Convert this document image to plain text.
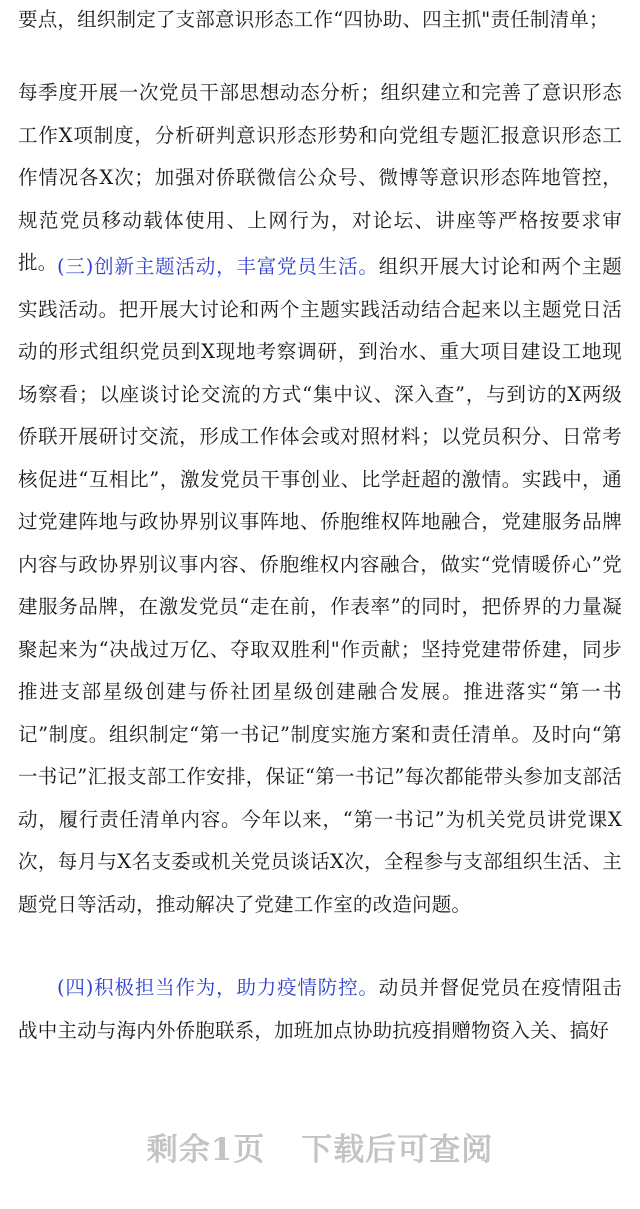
要点，组织制定了支部意识形态工作“四协助、四主抓"责任制清单；

每季度开展一次党员干部思想动态分析；组织建立和完善了意识形态工作X项制度，分析研判意识形态形势和向党组专题汇报意识形态工作情况各X次；加强对侨联微信公众号、微博等意识形态阵地管控，规范党员移动载体使用、上网行为，对论坛、讲座等严格按要求审批。 (三)创新主题活动，丰富党员生活。组织开展大讨论和两个主题实践活动。把开展大讨论和两个主题实践活动结合起来以主题党日活动的形式组织党员到X现地考察调研，到治水、重大项目建设工地现场察看；以座谈讨论交流的方式“集中议、深入查”，与到访的X两级侨联开展研讨交流，形成工作体会或对照材料；以党员积分、日常考核促进“互相比”，激发党员干事创业、比学赶超的激情。实践中，通过党建阵地与政协界别议事阵地、侨胞维权阵地融合，党建服务品牌内容与政协界别议事内容、侨胞维权内容融合，做实“党情暖侨心”党建服务品牌，在激发党员“走在前，作表率”的同时，把侨界的力量凝聚起来为“决战过万亿、夺取双胜利"作贡献；坚持党建带侨建，同步推进支部星级创建与侨社团星级创建融合发展。推进落实“第一书记”制度。组织制定“第一书记”制度实施方案和责任清单。及时向“第一书记”汇报支部工作安排，保证“第一书记”每次都能带头参加支部活动，履行责任清单内容。今年以来，“第一书记”为机关党员讲党课X次，每月与X名支委或机关党员谈话X次，全程参与支部组织生活、主题党日等活动，推动解决了党建工作室的改造问题。

(四)积极担当作为，助力疫情防控。动员并督促党员在疫情阻击战中主动与海内外侨胞联系，加班加点协助抗疫捐赠物资入关、搞好

剩余1页 下载后可查阅
